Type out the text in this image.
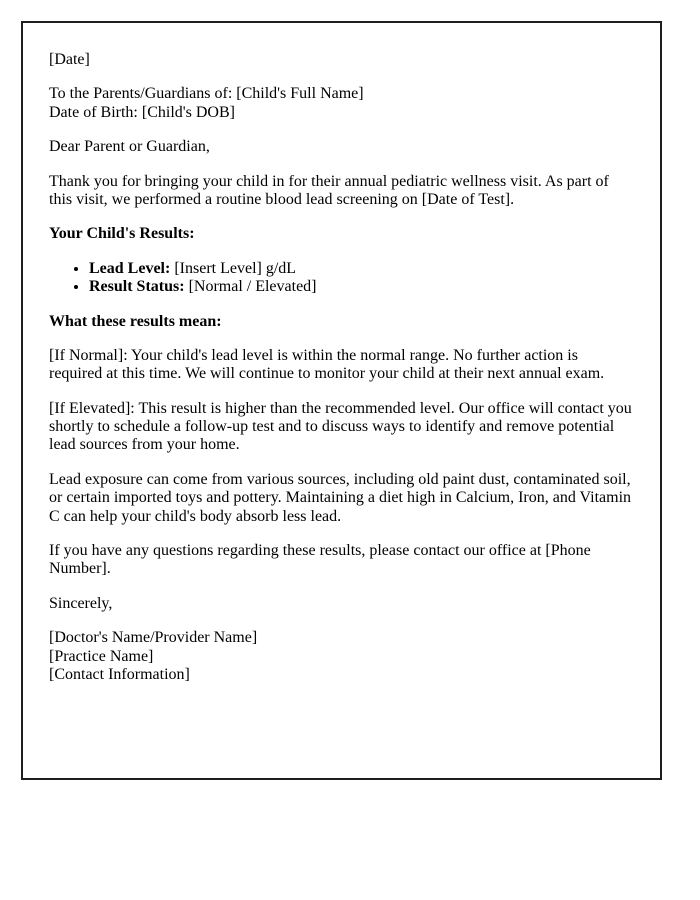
[Date]

To the Parents/Guardians of: [Child's Full Name]
Date of Birth: [Child's DOB]

Dear Parent or Guardian,

Thank you for bringing your child in for their annual pediatric wellness visit. As part of this visit, we performed a routine blood lead screening on [Date of Test].

Your Child's Results:

• Lead Level: [Insert Level] g/dL
• Result Status: [Normal / Elevated]

What these results mean:

[If Normal]: Your child's lead level is within the normal range. No further action is required at this time. We will continue to monitor your child at their next annual exam.

[If Elevated]: This result is higher than the recommended level. Our office will contact you shortly to schedule a follow-up test and to discuss ways to identify and remove potential lead sources from your home.

Lead exposure can come from various sources, including old paint dust, contaminated soil, or certain imported toys and pottery. Maintaining a diet high in Calcium, Iron, and Vitamin C can help your child's body absorb less lead.

If you have any questions regarding these results, please contact our office at [Phone Number].

Sincerely,

[Doctor's Name/Provider Name]
[Practice Name]
[Contact Information]
